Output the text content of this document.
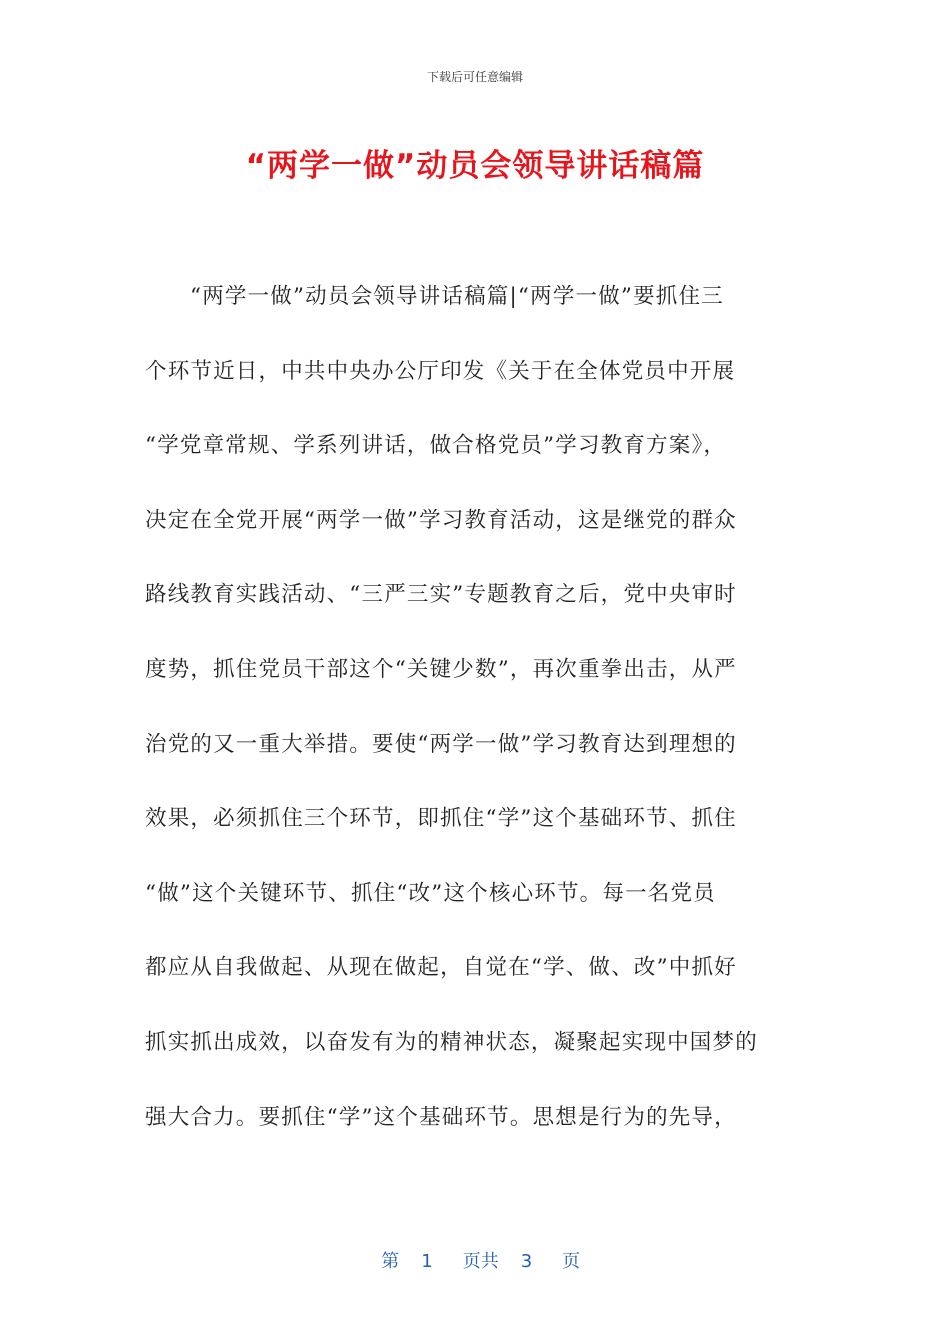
下载后可任意编辑
“两学一做”动员会领导讲话稿篇
“两学一做”动员会领导讲话稿篇|“两学一做”要抓住三
个环节近日，中共中央办公厅印发《关于在全体党员中开展
“学党章常规、学系列讲话，做合格党员”学习教育方案》，
决定在全党开展“两学一做”学习教育活动，这是继党的群众
路线教育实践活动、“三严三实”专题教育之后，党中央审时
度势，抓住党员干部这个“关键少数”，再次重拳出击，从严
治党的又一重大举措。要使“两学一做”学习教育达到理想的
效果，必须抓住三个环节，即抓住“学”这个基础环节、抓住
“做”这个关键环节、抓住“改”这个核心环节。每一名党员
都应从自我做起、从现在做起，自觉在“学、做、改”中抓好
抓实抓出成效，以奋发有为的精神状态，凝聚起实现中国梦的
强大合力。要抓住“学”这个基础环节。思想是行为的先导，

第 1 页共 3 页
